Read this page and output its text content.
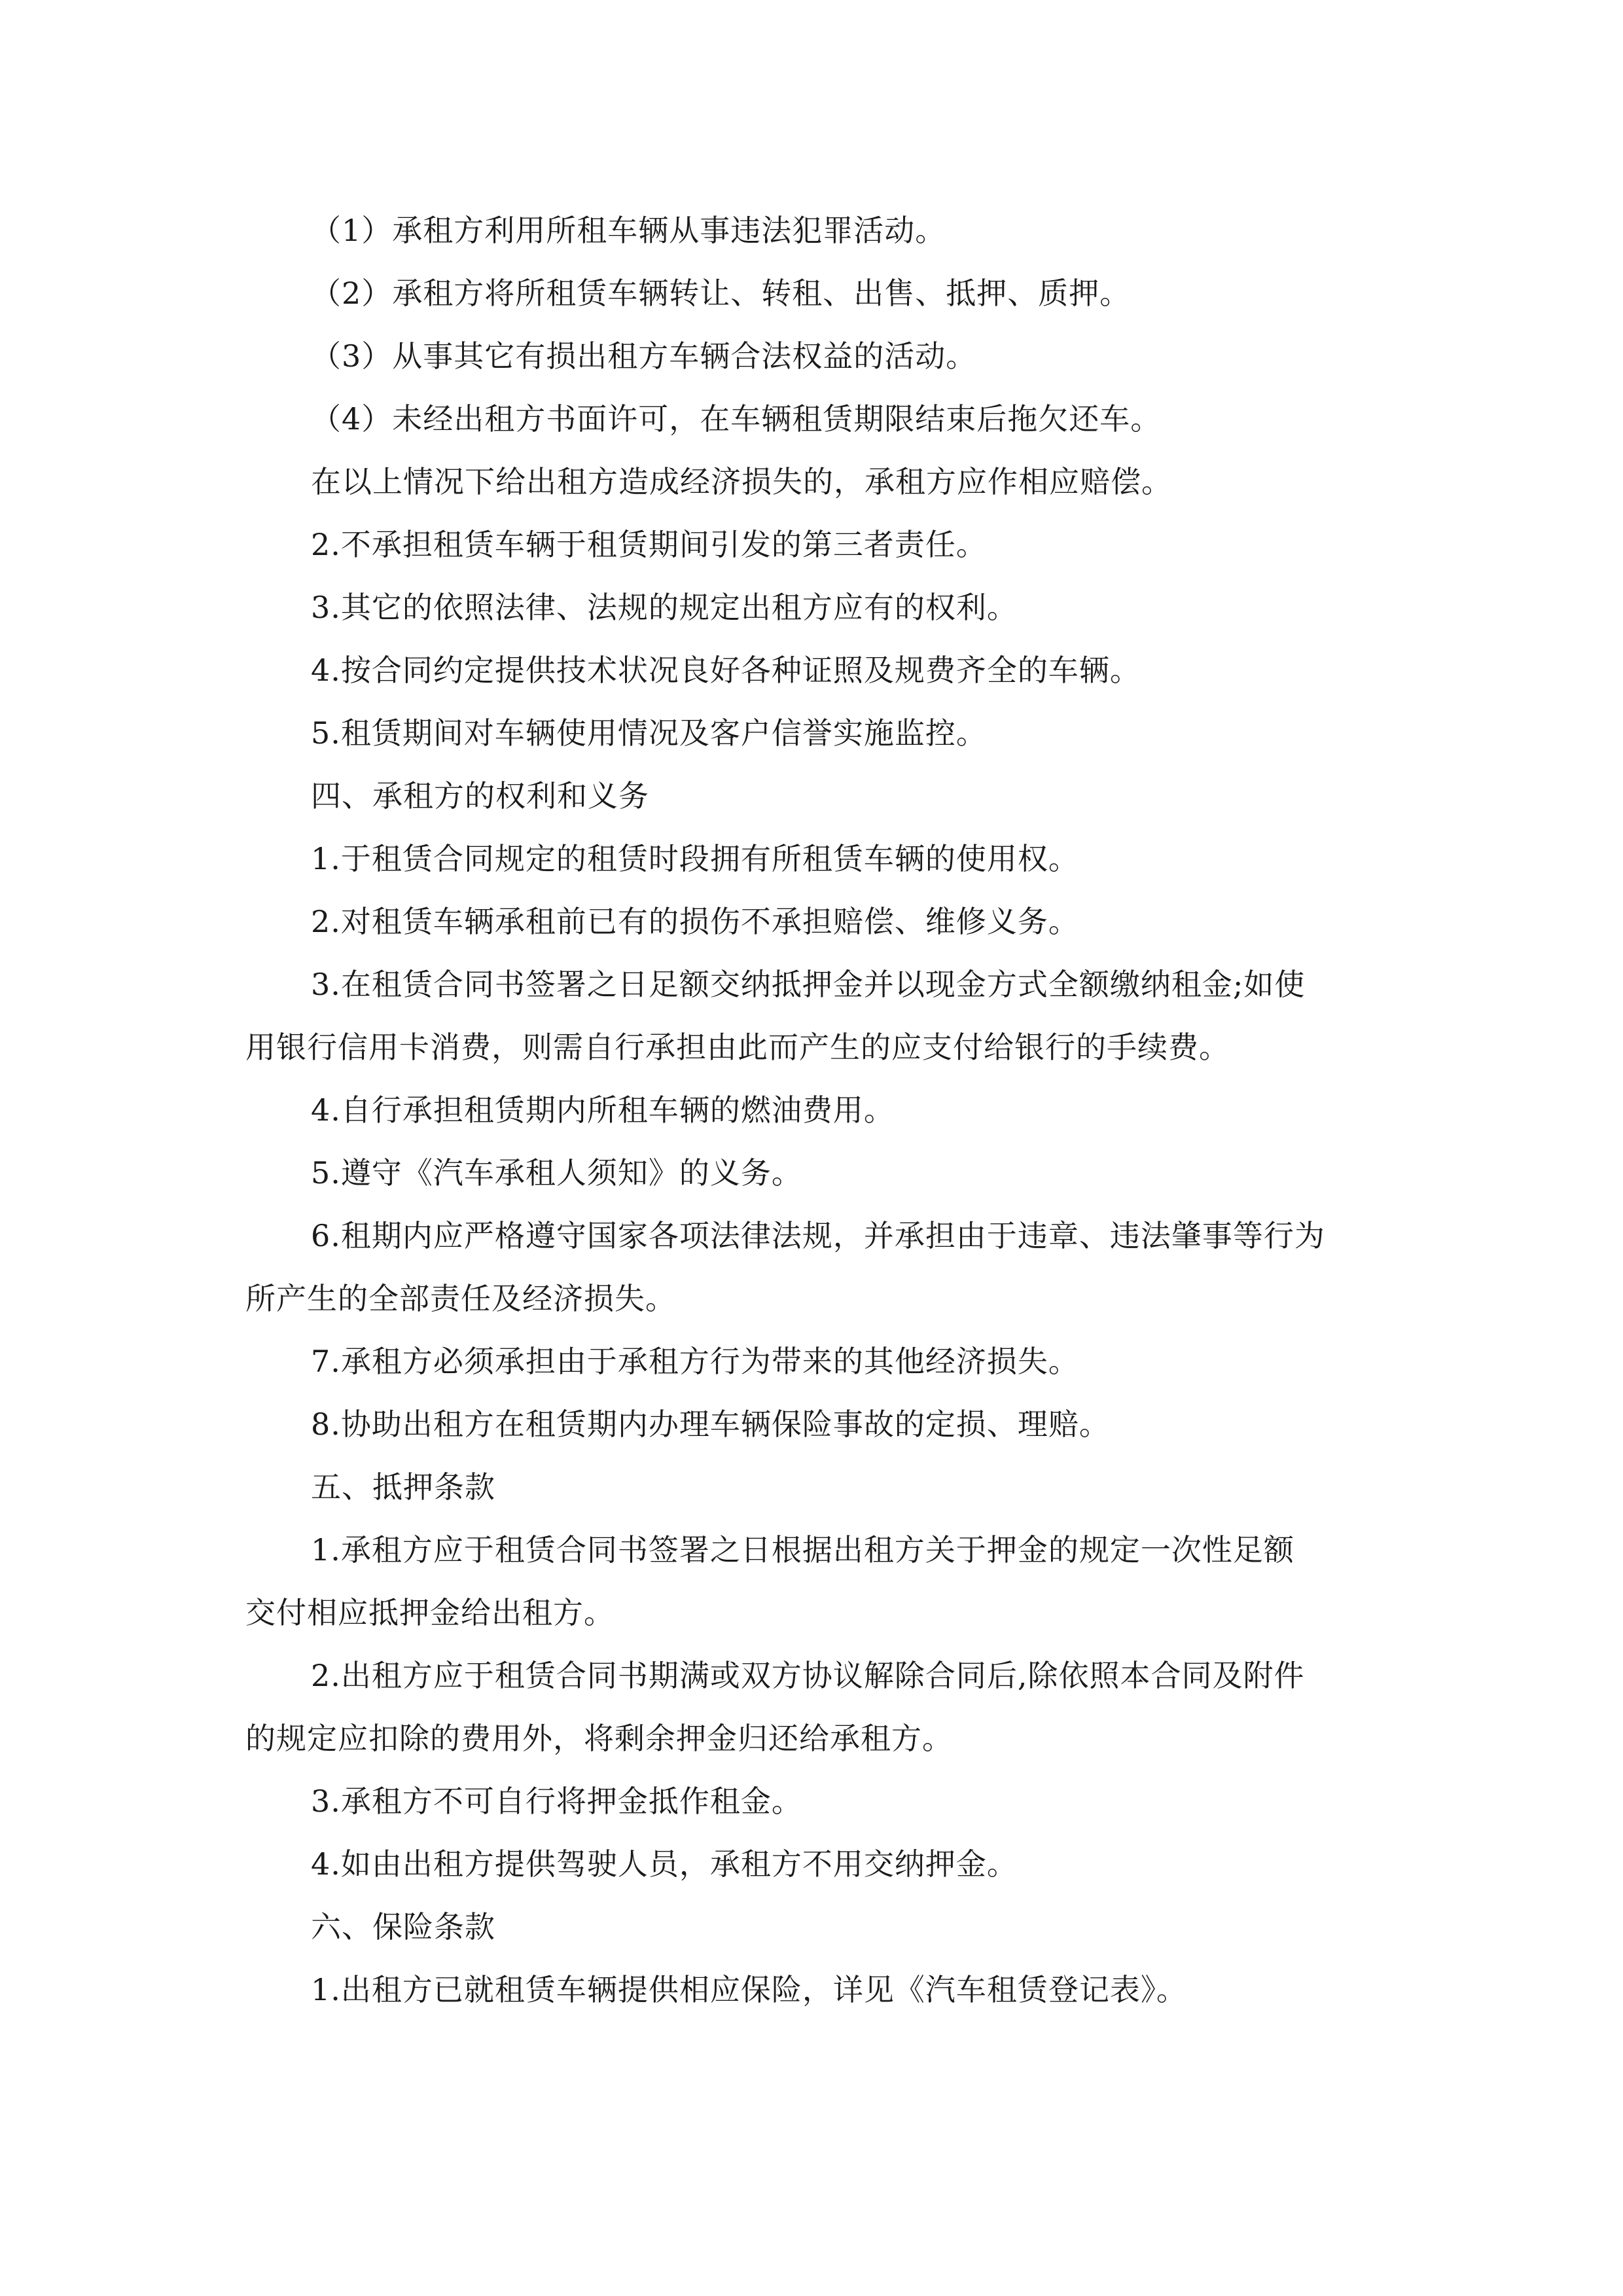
（1）承租方利用所租车辆从事违法犯罪活动。
（2）承租方将所租赁车辆转让、转租、出售、抵押、质押。
（3）从事其它有损出租方车辆合法权益的活动。
（4）未经出租方书面许可，在车辆租赁期限结束后拖欠还车。
在以上情况下给出租方造成经济损失的，承租方应作相应赔偿。
2.不承担租赁车辆于租赁期间引发的第三者责任。
3.其它的依照法律、法规的规定出租方应有的权利。
4.按合同约定提供技术状况良好各种证照及规费齐全的车辆。
5.租赁期间对车辆使用情况及客户信誉实施监控。
四、承租方的权利和义务
1.于租赁合同规定的租赁时段拥有所租赁车辆的使用权。
2.对租赁车辆承租前已有的损伤不承担赔偿、维修义务。
3.在租赁合同书签署之日足额交纳抵押金并以现金方式全额缴纳租金;如使
用银行信用卡消费，则需自行承担由此而产生的应支付给银行的手续费。
4.自行承担租赁期内所租车辆的燃油费用。
5.遵守《汽车承租人须知》的义务。
6.租期内应严格遵守国家各项法律法规，并承担由于违章、违法肇事等行为
所产生的全部责任及经济损失。
7.承租方必须承担由于承租方行为带来的其他经济损失。
8.协助出租方在租赁期内办理车辆保险事故的定损、理赔。
五、抵押条款
1.承租方应于租赁合同书签署之日根据出租方关于押金的规定一次性足额
交付相应抵押金给出租方。
2.出租方应于租赁合同书期满或双方协议解除合同后,除依照本合同及附件
的规定应扣除的费用外，将剩余押金归还给承租方。
3.承租方不可自行将押金抵作租金。
4.如由出租方提供驾驶人员，承租方不用交纳押金。
六、保险条款
1.出租方已就租赁车辆提供相应保险，详见《汽车租赁登记表》。
